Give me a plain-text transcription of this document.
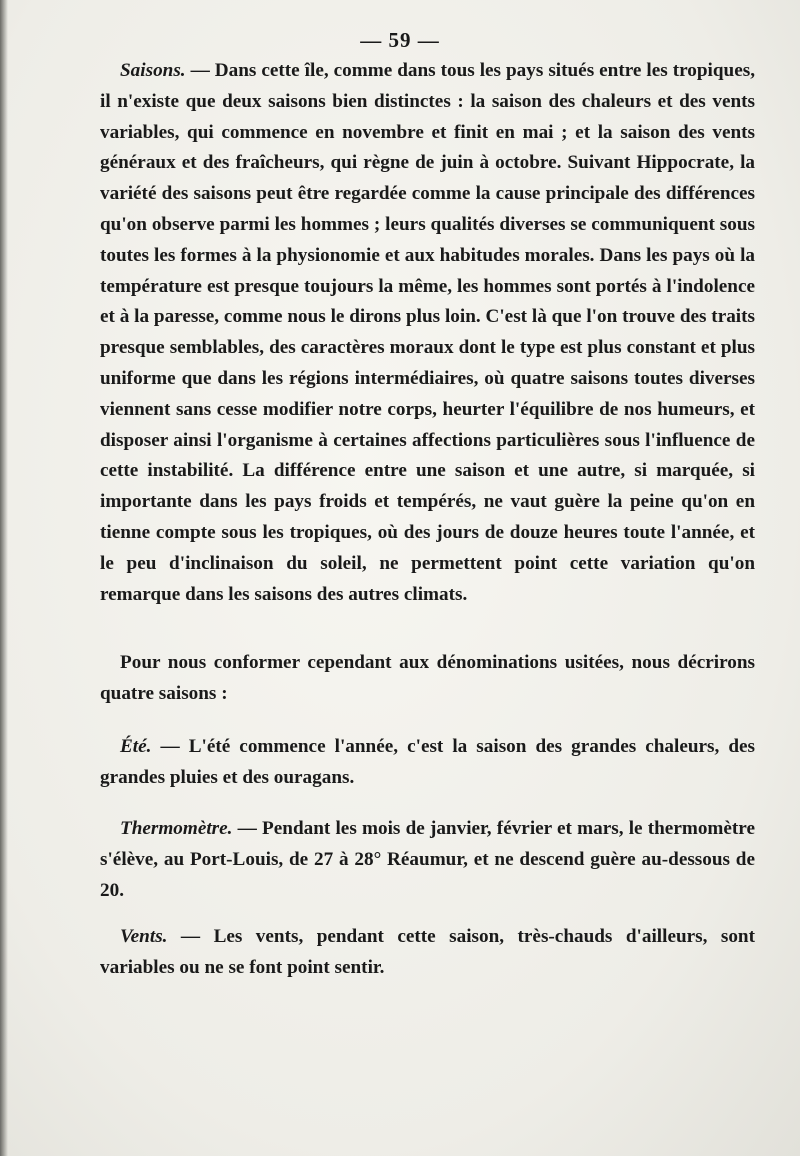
— 59 —

Saisons. — Dans cette île, comme dans tous les pays situés entre les tropiques, il n'existe que deux saisons bien distinctes : la saison des chaleurs et des vents variables, qui commence en novembre et finit en mai ; et la saison des vents généraux et des fraîcheurs, qui règne de juin à octobre. Suivant Hippocrate, la variété des saisons peut être regardée comme la cause principale des différences qu'on observe parmi les hommes ; leurs qualités diverses se communiquent sous toutes les formes à la physionomie et aux habitudes morales. Dans les pays où la température est presque toujours la même, les hommes sont portés à l'indolence et à la paresse, comme nous le dirons plus loin. C'est là que l'on trouve des traits presque semblables, des caractères moraux dont le type est plus constant et plus uniforme que dans les régions intermédiaires, où quatre saisons toutes diverses viennent sans cesse modifier notre corps, heurter l'équilibre de nos humeurs, et disposer ainsi l'organisme à certaines affections particulières sous l'influence de cette instabilité. La différence entre une saison et une autre, si marquée, si importante dans les pays froids et tempérés, ne vaut guère la peine qu'on en tienne compte sous les tropiques, où des jours de douze heures toute l'année, et le peu d'inclinaison du soleil, ne permettent point cette variation qu'on remarque dans les saisons des autres climats.

Pour nous conformer cependant aux dénominations usitées, nous décrirons quatre saisons :

Été. — L'été commence l'année, c'est la saison des grandes chaleurs, des grandes pluies et des ouragans.

Thermomètre. — Pendant les mois de janvier, février et mars, le thermomètre s'élève, au Port-Louis, de 27 à 28° Réaumur, et ne descend guère au-dessous de 20.

Vents. — Les vents, pendant cette saison, très-chauds d'ailleurs, sont variables ou ne se font point sentir.
